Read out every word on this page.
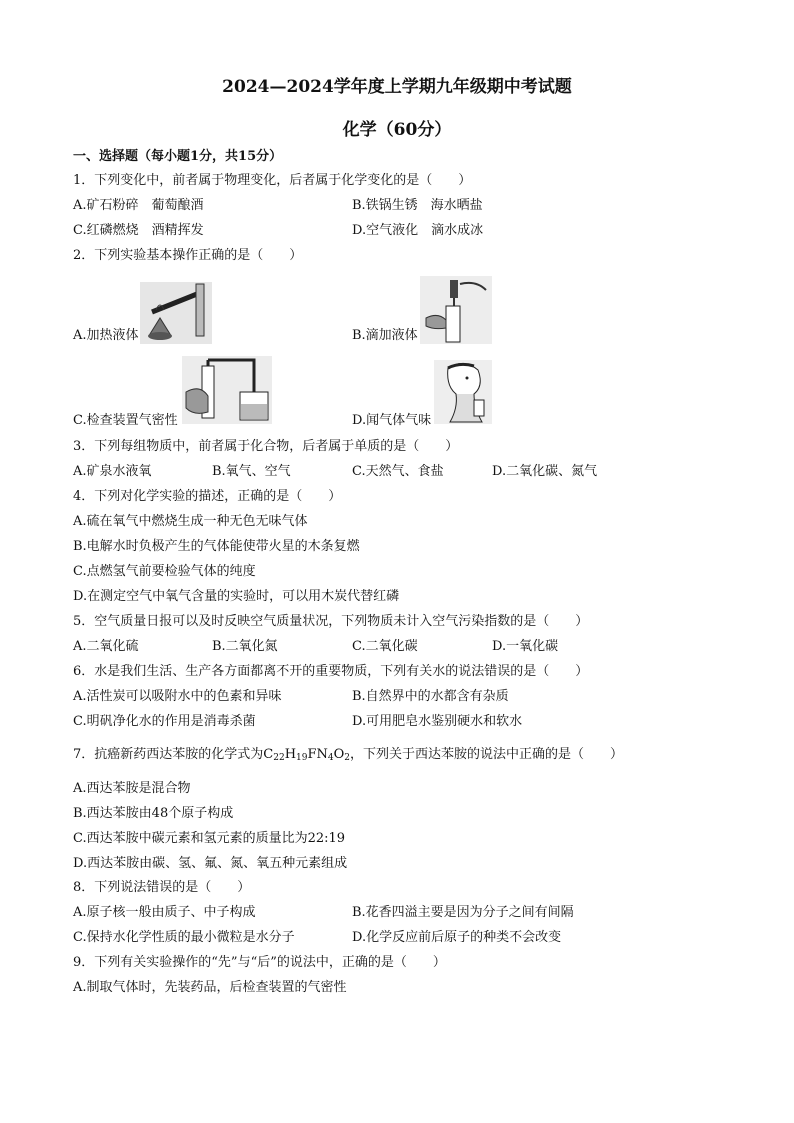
2024—2024学年度上学期九年级期中考试题
化学（60分）
一、选择题（每小题1分，共15分）
1．下列变化中，前者属于物理变化，后者属于化学变化的是（　　）
A.矿石粉碎　葡萄酿酒	B.铁锅生锈　海水晒盐
C.红磷燃烧　酒精挥发	D.空气液化　滴水成冰
2．下列实验基本操作正确的是（　　）
A.加热液体	B.滴加液体
C.检查装置气密性	D.闻气体气味
3．下列每组物质中，前者属于化合物，后者属于单质的是（　　）
A.矿泉水液氧	B.氧气、空气	C.天然气、食盐	D.二氧化碳、氮气
4．下列对化学实验的描述，正确的是（　　）
A.硫在氧气中燃烧生成一种无色无味气体
B.电解水时负极产生的气体能使带火星的木条复燃
C.点燃氢气前要检验气体的纯度
D.在测定空气中氧气含量的实验时，可以用木炭代替红磷
5．空气质量日报可以及时反映空气质量状况，下列物质未计入空气污染指数的是（　　）
A.二氧化硫	B.二氧化氮	C.二氧化碳	D.一氧化碳
6．水是我们生活、生产各方面都离不开的重要物质，下列有关水的说法错误的是（　　）
A.活性炭可以吸附水中的色素和异味	B.自然界中的水都含有杂质
C.明矾净化水的作用是消毒杀菌	D.可用肥皂水鉴别硬水和软水
7．抗癌新药西达苯胺的化学式为$C_{22}H_{19}FN_4O_2$，下列关于西达苯胺的说法中正确的是（　　）
A.西达苯胺是混合物
B.西达苯胺由48个原子构成
C.西达苯胺中碳元素和氢元素的质量比为22:19
D.西达苯胺由碳、氢、氟、氮、氧五种元素组成
8．下列说法错误的是（　　）
A.原子核一般由质子、中子构成	B.花香四溢主要是因为分子之间有间隔
C.保持水化学性质的最小微粒是水分子	D.化学反应前后原子的种类不会改变
9．下列有关实验操作的“先”与“后”的说法中，正确的是（　　）
A.制取气体时，先装药品，后检查装置的气密性
